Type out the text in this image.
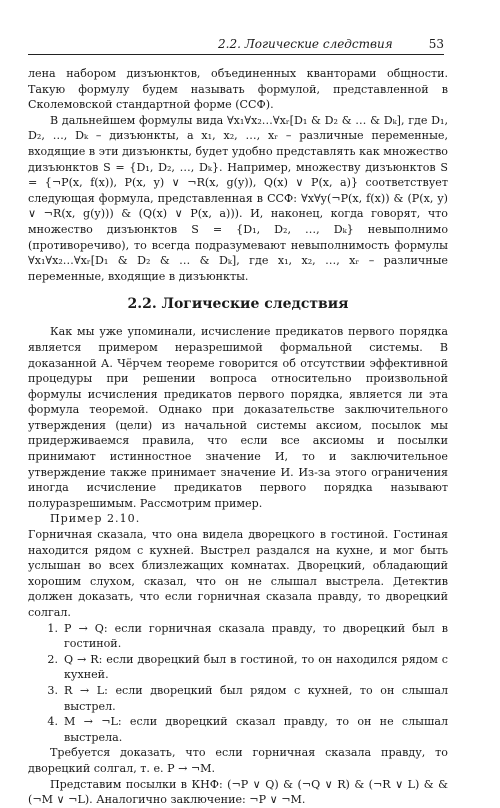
2.2. Логические следствия	53

лена набором дизъюнктов, объединенных кванторами общности. Такую формулу будем называть формулой, представленной в Сколемовской стандартной форме (ССФ).

В дальнейшем формулы вида ∀x₁∀x₂…∀xᵣ[D₁ & D₂ & … & Dₖ], где D₁, D₂, …, Dₖ – дизъюнкты, а x₁, x₂, …, xᵣ – различные переменные, входящие в эти дизъюнкты, будет удобно представлять как множество дизъюнктов S = {D₁, D₂, …, Dₖ}. Например, множеству дизъюнктов S = {¬P(x, f(x)), P(x, y) ∨ ¬R(x, g(y)), Q(x) ∨ P(x, a)} соответствует следующая формула, представленная в ССФ: ∀x∀y(¬P(x, f(x)) & (P(x, y) ∨ ¬R(x, g(y))) & (Q(x) ∨ P(x, a))). И, наконец, когда говорят, что множество дизъюнктов S = {D₁, D₂, …, Dₖ} невыполнимо (противоречиво), то всегда подразумевают невыполнимость формулы ∀x₁∀x₂…∀xᵣ[D₁ & D₂ & … & Dₖ], где x₁, x₂, …, xᵣ – различные переменные, входящие в дизъюнкты.

2.2. Логические следствия

Как мы уже упоминали, исчисление предикатов первого порядка является примером неразрешимой формальной системы. В доказанной А. Чёрчем теореме говорится об отсутствии эффективной процедуры при решении вопроса относительно произвольной формулы исчисления предикатов первого порядка, является ли эта формула теоремой. Однако при доказательстве заключительного утверждения (цели) из начальной системы аксиом, посылок мы придерживаемся правила, что если все аксиомы и посылки принимают истинностное значение И, то и заключительное утверждение также принимает значение И. Из-за этого ограничения иногда исчисление предикатов первого порядка называют полуразрешимым. Рассмотрим пример.

Пример 2.10.

Горничная сказала, что она видела дворецкого в гостиной. Гостиная находится рядом с кухней. Выстрел раздался на кухне, и мог быть услышан во всех близлежащих комнатах. Дворецкий, обладающий хорошим слухом, сказал, что он не слышал выстрела. Детектив должен доказать, что если горничная сказала правду, то дворецкий солгал.

1. P → Q: если горничная сказала правду, то дворецкий был в гостиной.
2. Q → R: если дворецкий был в гостиной, то он находился рядом с кухней.
3. R → L: если дворецкий был рядом с кухней, то он слышал выстрел.
4. M → ¬L: если дворецкий сказал правду, то он не слышал выстрела.

Требуется доказать, что если горничная сказала правду, то дворецкий солгал, т. е. P → ¬M.

Представим посылки в КНФ: (¬P ∨ Q) & (¬Q ∨ R) & (¬R ∨ L) & & (¬M ∨ ¬L). Аналогично заключение: ¬P ∨ ¬M.
